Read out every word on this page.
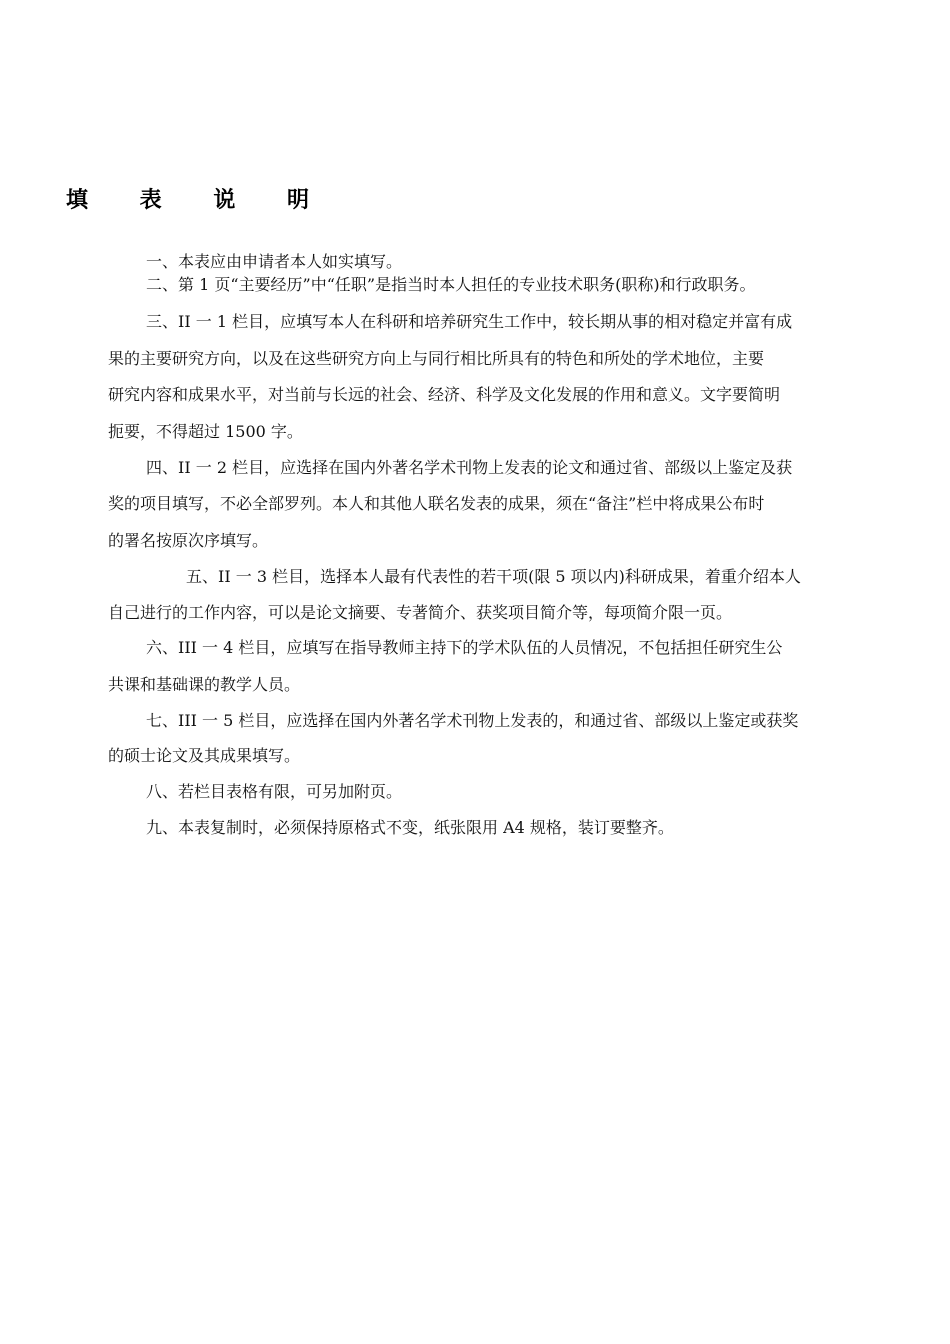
填 表 说 明
一、本表应由申请者本人如实填写。
二、第 1 页“主要经历”中“任职”是指当时本人担任的专业技术职务(职称)和行政职务。
三、II 一 1 栏目，应填写本人在科研和培养研究生工作中，较长期从事的相对稳定并富有成
果的主要研究方向，以及在这些研究方向上与同行相比所具有的特色和所处的学术地位，主要
研究内容和成果水平，对当前与长远的社会、经济、科学及文化发展的作用和意义。文字要简明
扼要，不得超过 1500 字。
四、II 一 2 栏目，应选择在国内外著名学术刊物上发表的论文和通过省、部级以上鉴定及获
奖的项目填写，不必全部罗列。本人和其他人联名发表的成果，须在“备注”栏中将成果公布时
的署名按原次序填写。
五、II 一 3 栏目，选择本人最有代表性的若干项(限 5 项以内)科研成果，着重介绍本人
自己进行的工作内容，可以是论文摘要、专著简介、获奖项目简介等，每项简介限一页。
六、III 一 4 栏目，应填写在指导教师主持下的学术队伍的人员情况，不包括担任研究生公
共课和基础课的教学人员。
七、III 一 5 栏目，应选择在国内外著名学术刊物上发表的，和通过省、部级以上鉴定或获奖
的硕士论文及其成果填写。
八、若栏目表格有限，可另加附页。
九、本表复制时，必须保持原格式不变，纸张限用 A4 规格，装订要整齐。
